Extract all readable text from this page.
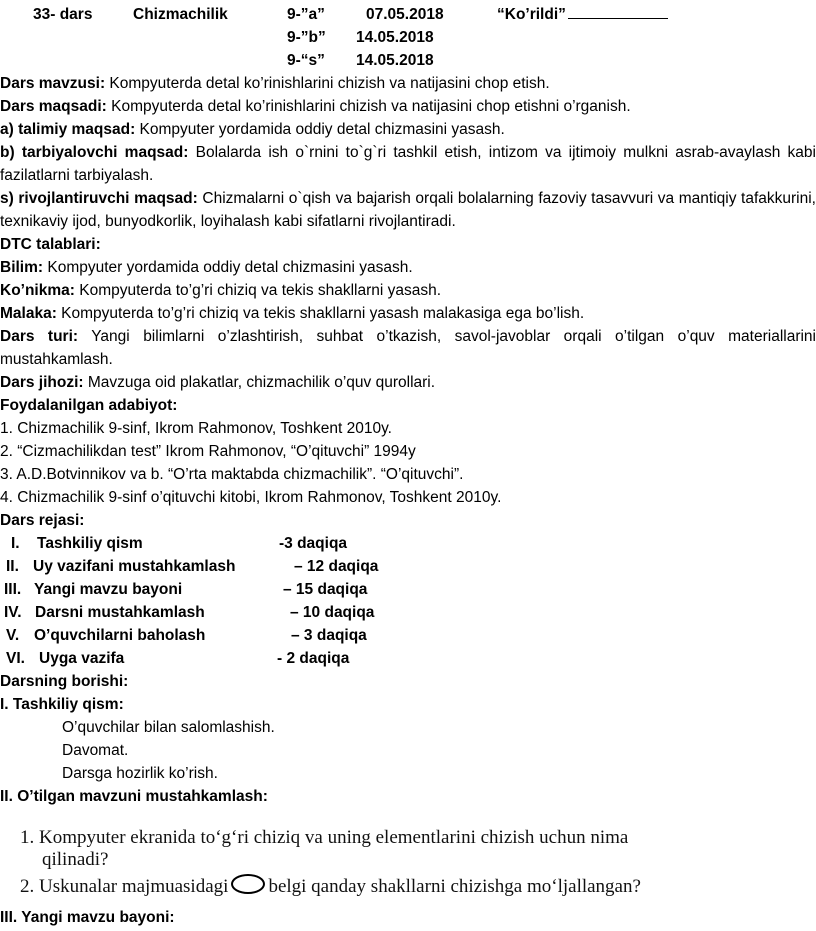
33- dars	Chizmachilik	9-”a”	07.05.2018	“Ko’rildi”
9-”b” 14.05.2018
9-“s” 14.05.2018
Dars mavzusi: Kompyuterda detal ko’rinishlarini chizish va natijasini chop etish.
Dars maqsadi: Kompyuterda detal ko’rinishlarini chizish va natijasini chop etishni o’rganish.
a) talimiy maqsad: Kompyuter yordamida oddiy detal chizmasini yasash.
b) tarbiyalovchi maqsad: Bolalarda ish o`rnini to`g`ri tashkil etish, intizom va ijtimoiy mulkni asrab-avaylash kabi fazilatlarni tarbiyalash.
s) rivojlantiruvchi maqsad: Chizmalarni o`qish va bajarish orqali bolalarning fazoviy tasavvuri va mantiqiy tafakkurini, texnikaviy ijod, bunyodkorlik, loyihalash kabi sifatlarni rivojlantiradi.
DTC talablari:
Bilim: Kompyuter yordamida oddiy detal chizmasini yasash.
Ko’nikma: Kompyuterda to’g’ri chiziq va tekis shakllarni yasash.
Malaka: Kompyuterda to’g’ri chiziq va tekis shakllarni yasash malakasiga ega bo’lish.
Dars turi: Yangi bilimlarni o’zlashtirish, suhbat o’tkazish, savol-javoblar orqali o’tilgan o’quv materiallarini mustahkamlash.
Dars jihozi: Mavzuga oid plakatlar, chizmachilik o’quv qurollari.
Foydalanilgan adabiyot:
1. Chizmachilik 9-sinf, Ikrom Rahmonov, Toshkent 2010y.
2. “Cizmachilikdan test” Ikrom Rahmonov, “O’qituvchi” 1994y
3. A.D.Botvinnikov va b. “O’rta maktabda chizmachilik”. “O’qituvchi”.
4. Chizmachilik 9-sinf o’qituvchi kitobi, Ikrom Rahmonov, Toshkent 2010y.
Dars rejasi:
I. Tashkiliy qism	-3 daqiqa
II. Uy vazifani mustahkamlash	– 12 daqiqa
III. Yangi mavzu bayoni	– 15 daqiqa
IV. Darsni mustahkamlash	– 10 daqiqa
V. O’quvchilarni baholash	– 3 daqiqa
VI. Uyga vazifa	- 2 daqiqa
Darsning borishi:
I. Tashkiliy qism:
O’quvchilar bilan salomlashish.
Davomat.
Darsga hozirlik ko’rish.
II. O’tilgan mavzuni mustahkamlash:
1. Kompyuter ekranida to‘g‘ri chiziq va uning elementlarini chizish uchun nima
qilinadi?
2. Uskunalar majmuasidagi belgi qanday shakllarni chizishga mo‘ljallangan?
III. Yangi mavzu bayoni:
